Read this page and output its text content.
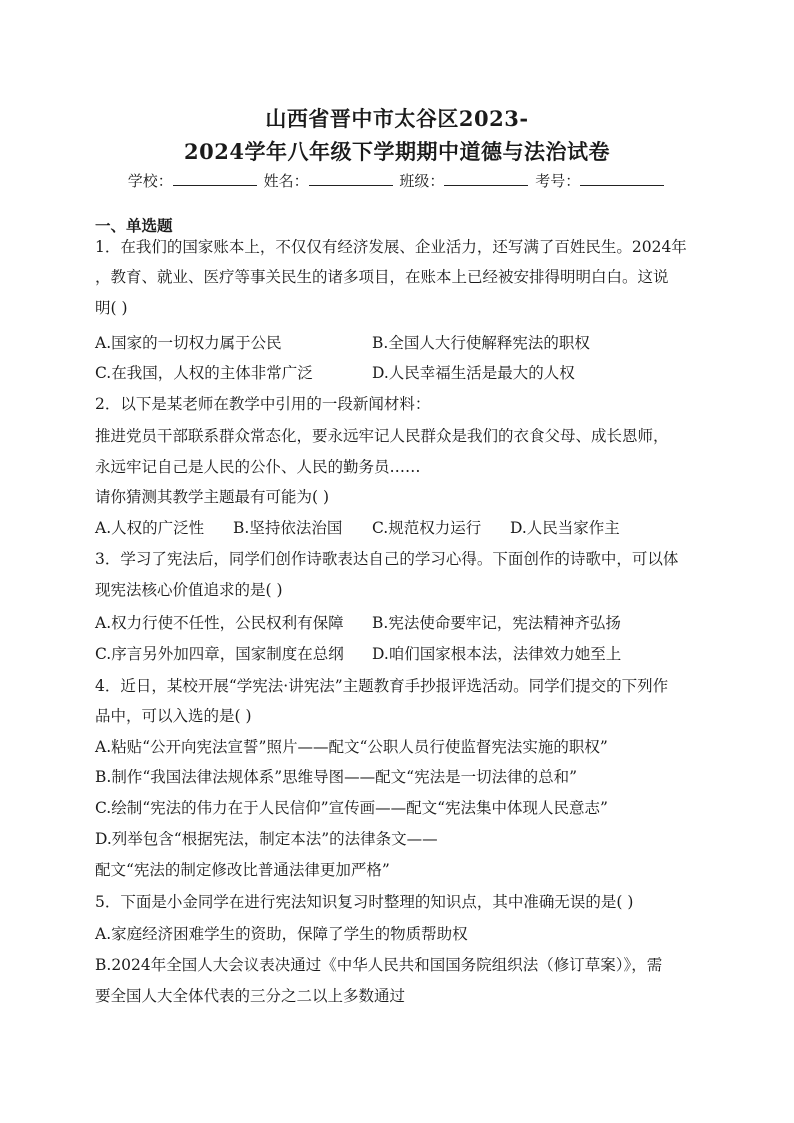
山西省晋中市太谷区2023-
2024学年八年级下学期期中道德与法治试卷
学校：	姓名：	班级：	考号：
一、单选题
1．在我们的国家账本上，不仅仅有经济发展、企业活力，还写满了百姓民生。2024年
，教育、就业、医疗等事关民生的诸多项目，在账本上已经被安排得明明白白。这说
明( )
A.国家的一切权力属于公民	B.全国人大行使解释宪法的职权
C.在我国，人权的主体非常广泛	D.人民幸福生活是最大的人权
2．以下是某老师在教学中引用的一段新闻材料：
推进党员干部联系群众常态化，要永远牢记人民群众是我们的衣食父母、成长恩师，
永远牢记自己是人民的公仆、人民的勤务员……
请你猜测其教学主题最有可能为( )
A.人权的广泛性 B.坚持依法治国 C.规范权力运行 D.人民当家作主
3．学习了宪法后，同学们创作诗歌表达自己的学习心得。下面创作的诗歌中，可以体
现宪法核心价值追求的是( )
A.权力行使不任性，公民权利有保障 B.宪法使命要牢记，宪法精神齐弘扬
C.序言另外加四章，国家制度在总纲 D.咱们国家根本法，法律效力她至上
4．近日，某校开展“学宪法·讲宪法”主题教育手抄报评选活动。同学们提交的下列作
品中，可以入选的是( )
A.粘贴“公开向宪法宣誓”照片——配文“公职人员行使监督宪法实施的职权”
B.制作“我国法律法规体系”思维导图——配文“宪法是一切法律的总和”
C.绘制“宪法的伟力在于人民信仰”宣传画——配文“宪法集中体现人民意志”
D.列举包含“根据宪法，制定本法”的法律条文——
配文“宪法的制定修改比普通法律更加严格”
5．下面是小金同学在进行宪法知识复习时整理的知识点，其中准确无误的是( )
A.家庭经济困难学生的资助，保障了学生的物质帮助权
B.2024年全国人大会议表决通过《中华人民共和国国务院组织法（修订草案）》，需
要全国人大全体代表的三分之二以上多数通过
